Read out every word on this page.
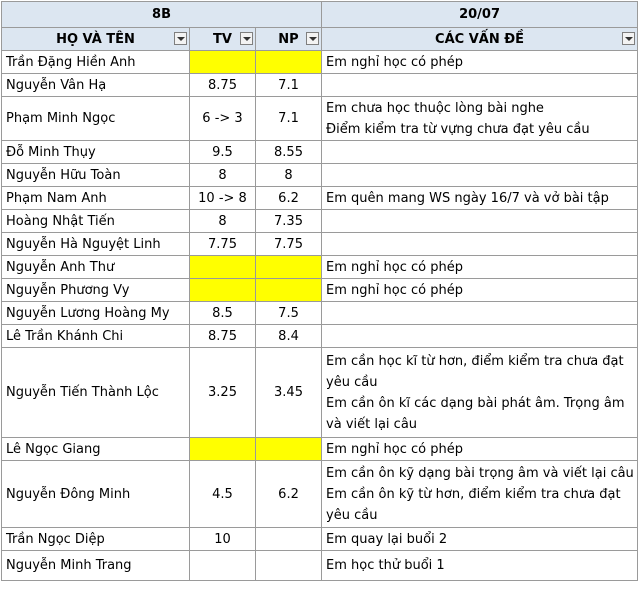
8B			20/07
HỌ VÀ TÊN	TV	NP	CÁC VẤN ĐỀ

Trần Đặng Hiền Anh			Em nghỉ học có phép

Nguyễn Vân Hạ	8.75	7.1	
Phạm Minh Ngọc	6 -> 3	7.1	Em chưa học thuộc lòng bài nghe
Điểm kiểm tra từ vựng chưa đạt yêu cầu

Đỗ Minh Thụy	9.5	8.55	
Nguyễn Hữu Toàn	8	8	
Phạm Nam Anh	10 -> 8	6.2	Em quên mang WS ngày 16/7 và vở bài tập

Hoàng Nhật Tiến	8	7.35	
Nguyễn Hà Nguyệt Linh	7.75	7.75	
Nguyễn Anh Thư			Em nghỉ học có phép

Nguyễn Phương Vy			Em nghỉ học có phép

Nguyễn Lương Hoàng My	8.5	7.5	
Lê Trần Khánh Chi	8.75	8.4	
Nguyễn Tiến Thành Lộc	3.25	3.45	Em cần học kĩ từ hơn, điểm kiểm tra chưa đạt
yêu cầu
Em cần ôn kĩ các dạng bài phát âm. Trọng âm
và viết lại câu

Lê Ngọc Giang			Em nghỉ học có phép

Nguyễn Đông Minh	4.5	6.2	Em cần ôn kỹ dạng bài trọng âm và viết lại câu
Em cần ôn kỹ từ hơn, điểm kiểm tra chưa đạt
yêu cầu

Trần Ngọc Diệp	10		Em quay lại buổi 2

Nguyễn Minh Trang			Em học thử buổi 1
